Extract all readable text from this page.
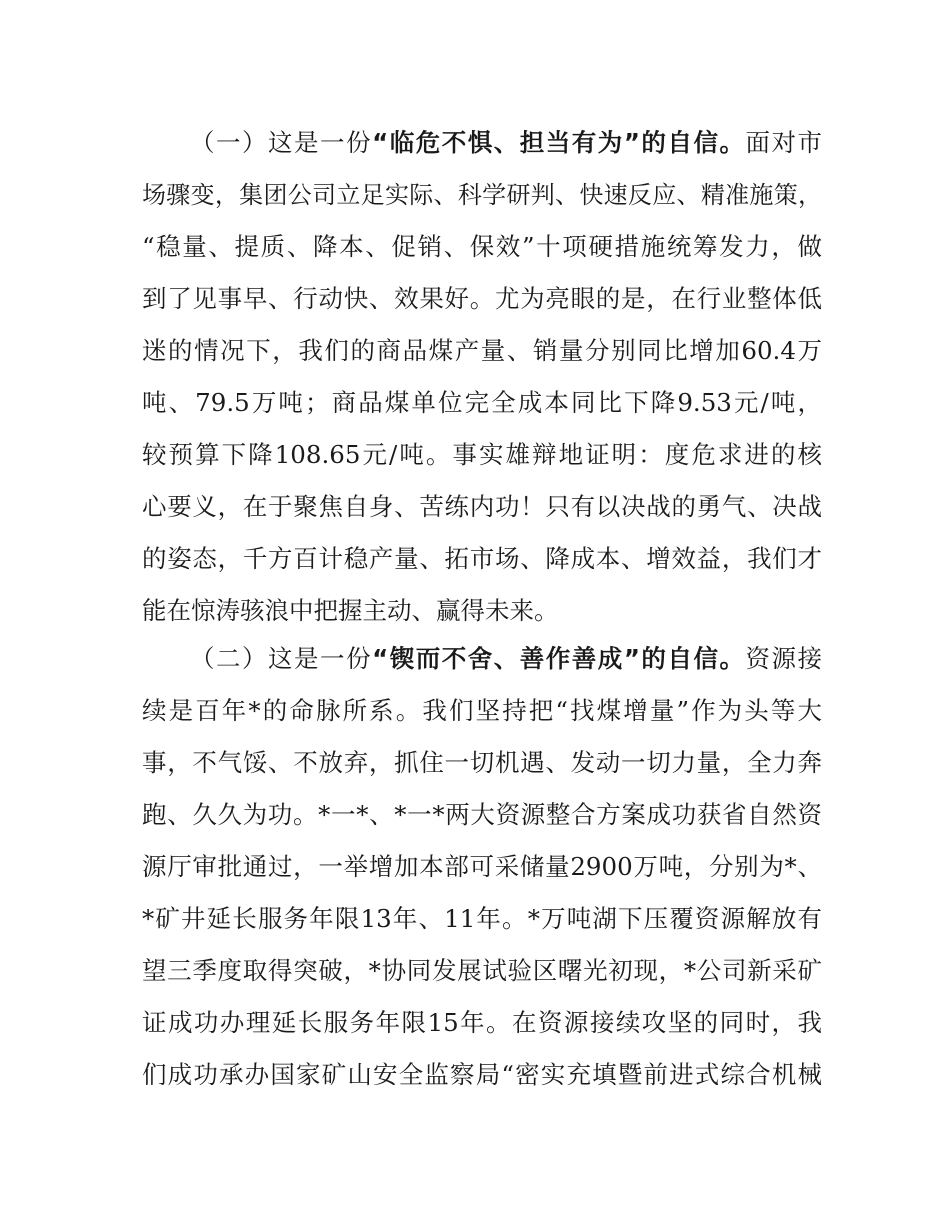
（一）这是一份“临危不惧、担当有为”的自信。面对市
场骤变，集团公司立足实际、科学研判、快速反应、精准施策，
“稳量、提质、降本、促销、保效”十项硬措施统筹发力，做
到了见事早、行动快、效果好。尤为亮眼的是，在行业整体低
迷的情况下，我们的商品煤产量、销量分别同比增加60.4万
吨、79.5万吨；商品煤单位完全成本同比下降9.53元/吨，
较预算下降108.65元/吨。事实雄辩地证明：度危求进的核
心要义，在于聚焦自身、苦练内功！只有以决战的勇气、决战
的姿态，千方百计稳产量、拓市场、降成本、增效益，我们才
能在惊涛骇浪中把握主动、赢得未来。
（二）这是一份“锲而不舍、善作善成”的自信。资源接
续是百年*的命脉所系。我们坚持把“找煤增量”作为头等大
事，不气馁、不放弃，抓住一切机遇、发动一切力量，全力奔
跑、久久为功。*一*、*一*两大资源整合方案成功获省自然资
源厅审批通过，一举增加本部可采储量2900万吨，分别为*、
*矿井延长服务年限13年、11年。*万吨湖下压覆资源解放有
望三季度取得突破，*协同发展试验区曙光初现，*公司新采矿
证成功办理延长服务年限15年。在资源接续攻坚的同时，我
们成功承办国家矿山安全监察局“密实充填暨前进式综合机械
